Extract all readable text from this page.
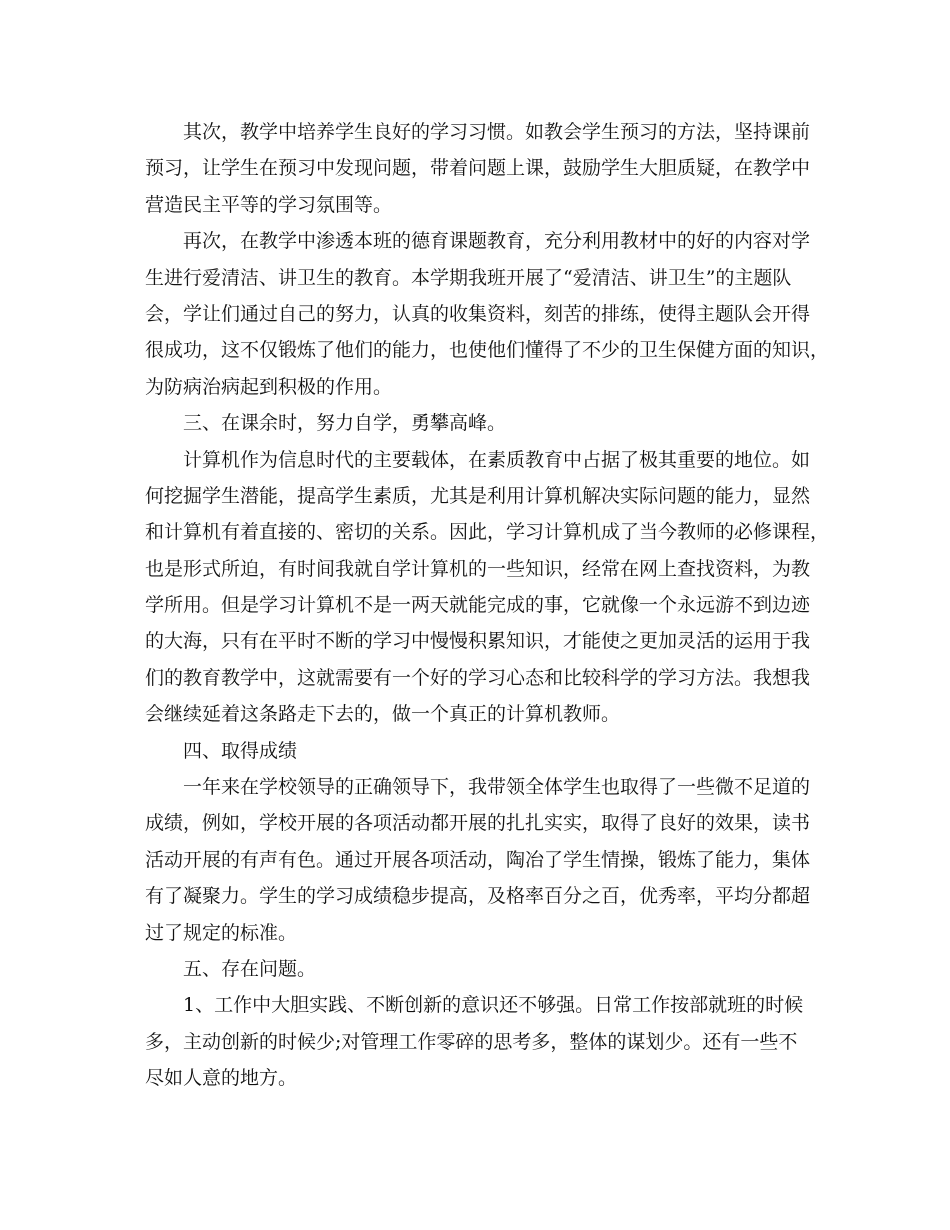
其次，教学中培养学生良好的学习习惯。如教会学生预习的方法，坚持课前
预习，让学生在预习中发现问题，带着问题上课，鼓励学生大胆质疑，在教学中
营造民主平等的学习氛围等。
再次，在教学中渗透本班的德育课题教育，充分利用教材中的好的内容对学
生进行爱清洁、讲卫生的教育。本学期我班开展了“爱清洁、讲卫生”的主题队
会，学让们通过自己的努力，认真的收集资料，刻苦的排练，使得主题队会开得
很成功，这不仅锻炼了他们的能力，也使他们懂得了不少的卫生保健方面的知识，
为防病治病起到积极的作用。
三、在课余时，努力自学，勇攀高峰。
计算机作为信息时代的主要载体，在素质教育中占据了极其重要的地位。如
何挖掘学生潜能，提高学生素质，尤其是利用计算机解决实际问题的能力，显然
和计算机有着直接的、密切的关系。因此，学习计算机成了当今教师的必修课程，
也是形式所迫，有时间我就自学计算机的一些知识，经常在网上查找资料，为教
学所用。但是学习计算机不是一两天就能完成的事，它就像一个永远游不到边迹
的大海，只有在平时不断的学习中慢慢积累知识，才能使之更加灵活的运用于我
们的教育教学中，这就需要有一个好的学习心态和比较科学的学习方法。我想我
会继续延着这条路走下去的，做一个真正的计算机教师。
四、取得成绩
一年来在学校领导的正确领导下，我带领全体学生也取得了一些微不足道的
成绩，例如，学校开展的各项活动都开展的扎扎实实，取得了良好的效果，读书
活动开展的有声有色。通过开展各项活动，陶冶了学生情操，锻炼了能力，集体
有了凝聚力。学生的学习成绩稳步提高，及格率百分之百，优秀率，平均分都超
过了规定的标准。
五、存在问题。
1、工作中大胆实践、不断创新的意识还不够强。日常工作按部就班的时候
多，主动创新的时候少;对管理工作零碎的思考多，整体的谋划少。还有一些不
尽如人意的地方。
